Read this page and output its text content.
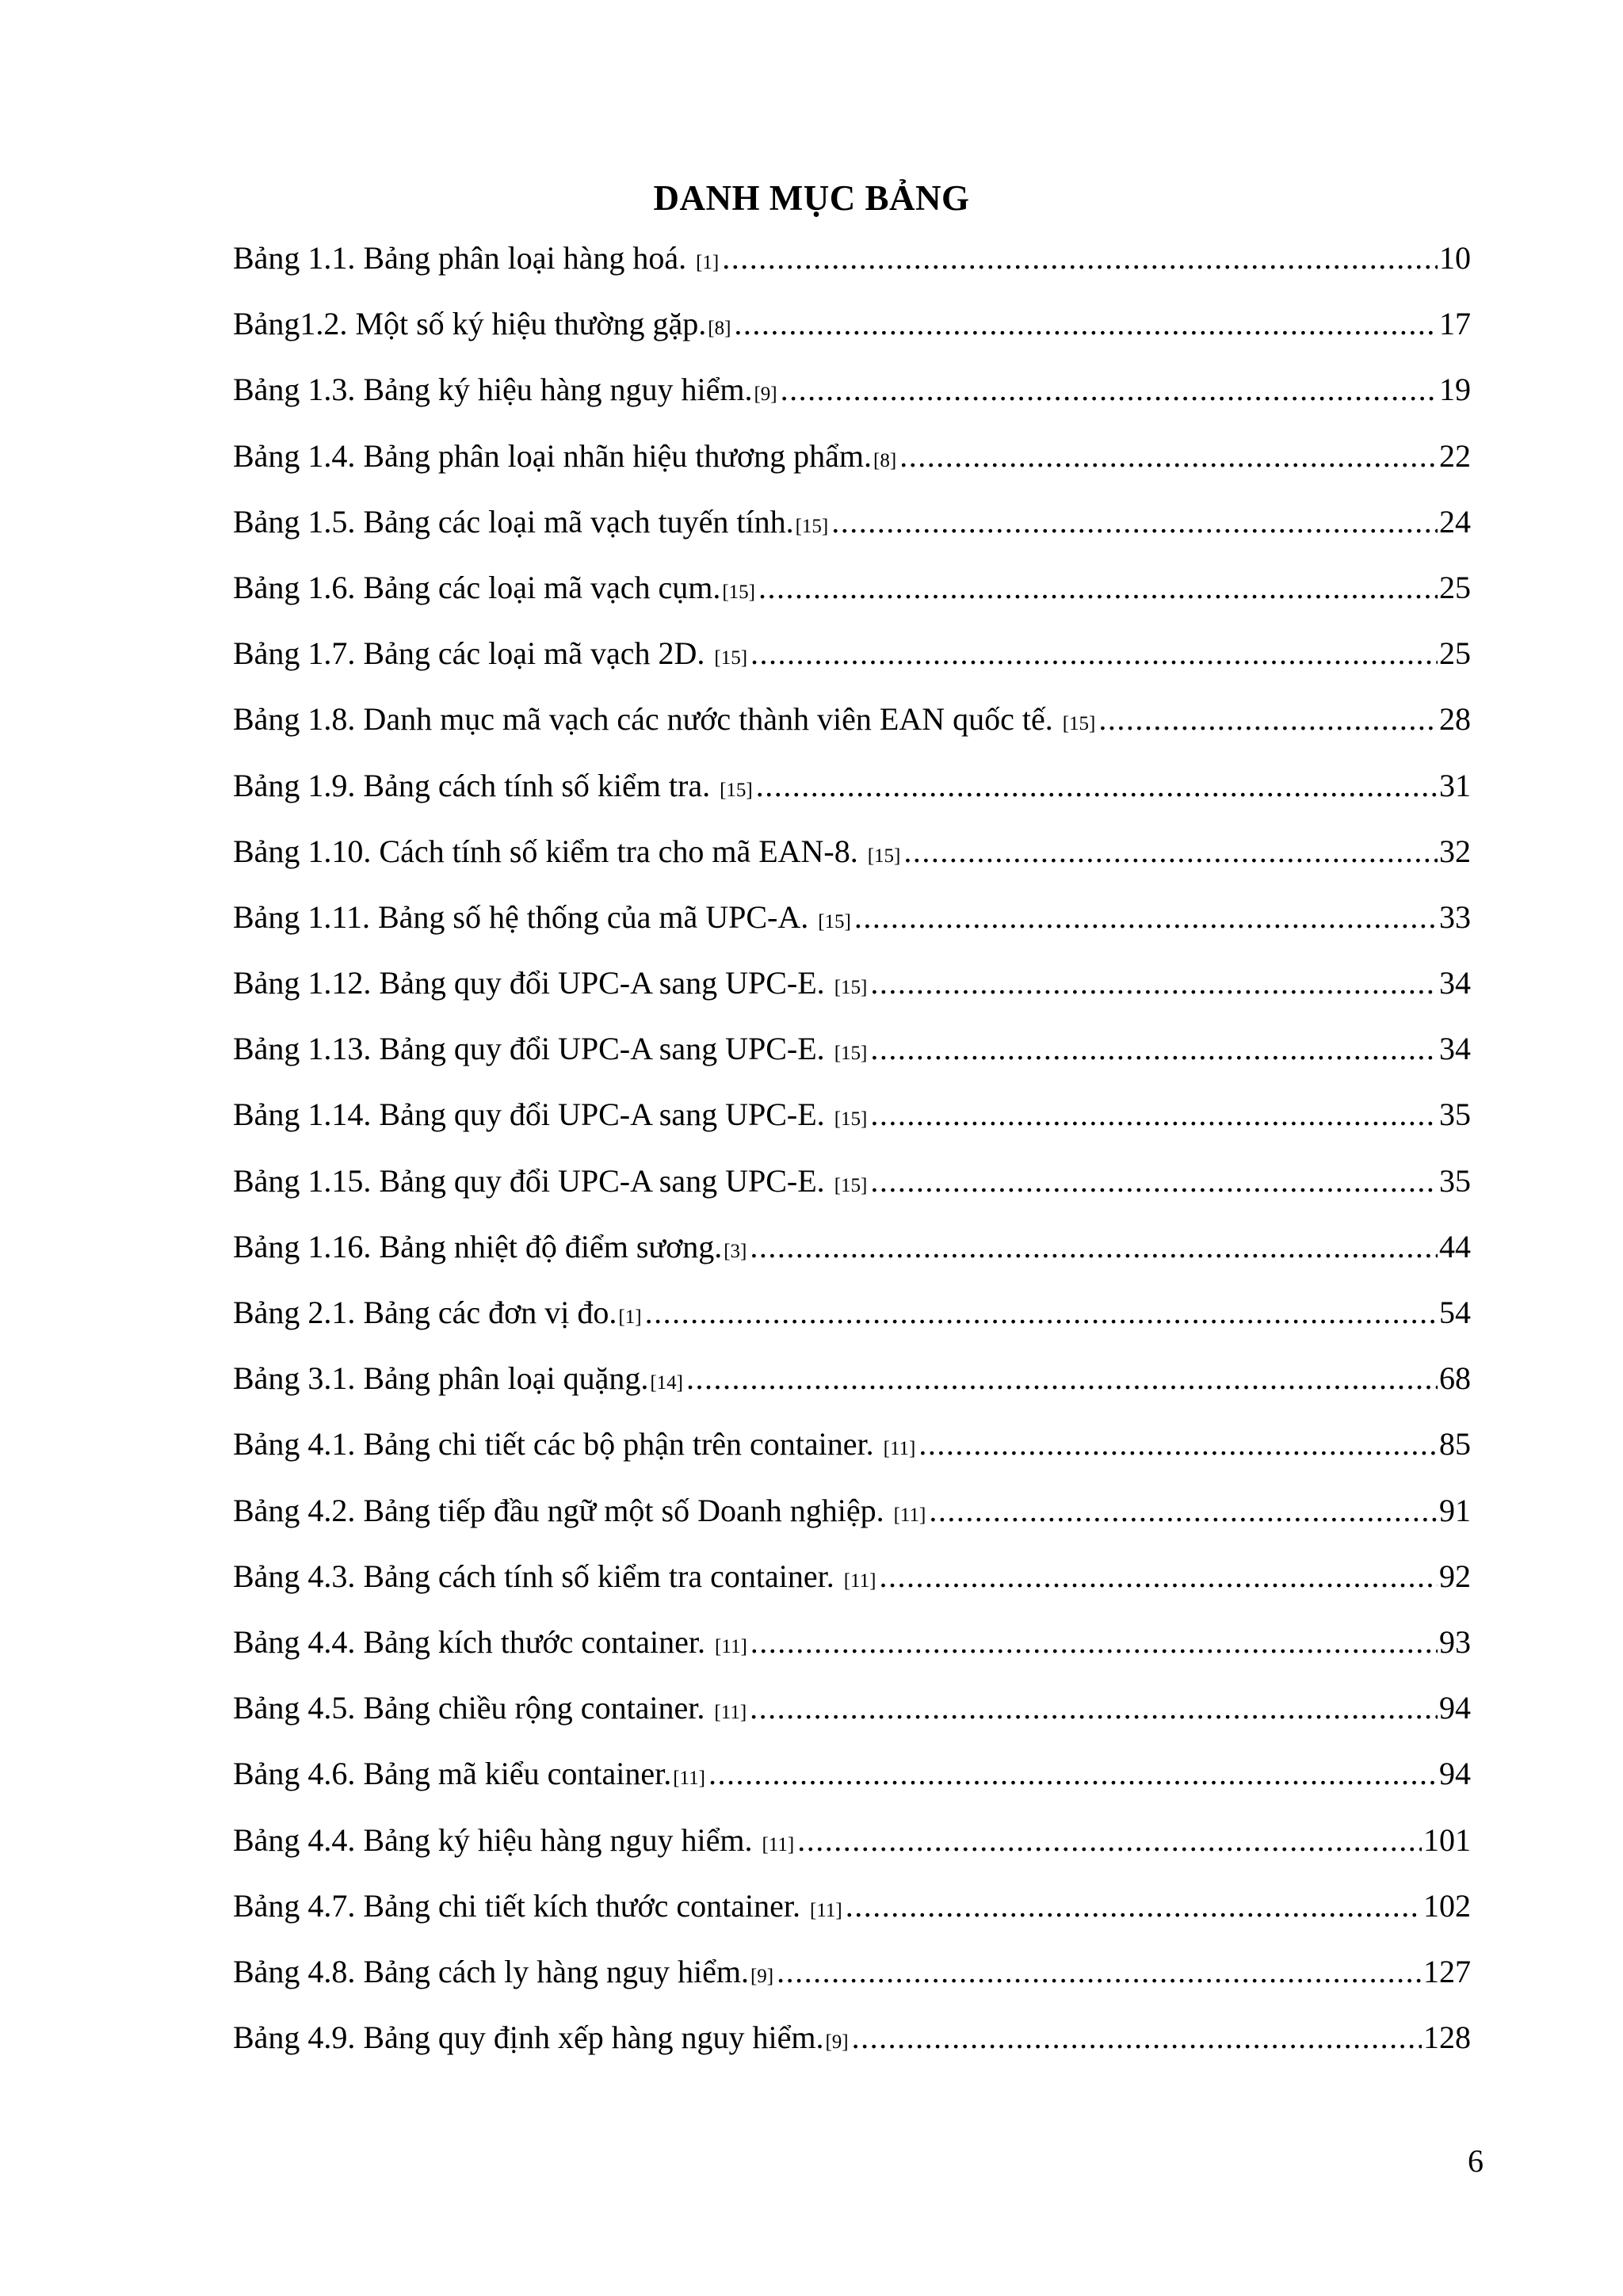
DANH MỤC BẢNG
Bảng 1.1. Bảng phân loại hàng hoá. [1] .....	10
Bảng1.2. Một số ký hiệu thường gặp. [8] .....	17
Bảng 1.3. Bảng ký hiệu hàng nguy hiểm. [9] .....	19
Bảng 1.4. Bảng phân loại nhãn hiệu thương phẩm. [8] .....	22
Bảng 1.5. Bảng các loại mã vạch tuyến tính. [15] .....	24
Bảng 1.6. Bảng các loại mã vạch cụm. [15] .....	25
Bảng 1.7. Bảng các loại mã vạch 2D. [15] .....	25
Bảng 1.8. Danh mục mã vạch các nước thành viên EAN quốc tế. [15] .....	28
Bảng 1.9. Bảng cách tính số kiểm tra. [15] .....	31
Bảng 1.10. Cách tính số kiểm tra cho mã EAN-8. [15] .....	32
Bảng 1.11. Bảng số hệ thống của mã UPC-A. [15] .....	33
Bảng 1.12. Bảng quy đổi UPC-A sang UPC-E. [15] .....	34
Bảng 1.13. Bảng quy đổi UPC-A sang UPC-E. [15] .....	34
Bảng 1.14. Bảng quy đổi UPC-A sang UPC-E. [15] .....	35
Bảng 1.15. Bảng quy đổi UPC-A sang UPC-E. [15] .....	35
Bảng 1.16. Bảng nhiệt độ điểm sương. [3] .....	44
Bảng 2.1. Bảng các đơn vị đo. [1] .....	54
Bảng 3.1. Bảng phân loại quặng. [14] .....	68
Bảng 4.1. Bảng chi tiết các bộ phận trên container. [11] .....	85
Bảng 4.2. Bảng tiếp đầu ngữ một số Doanh nghiệp. [11] .....	91
Bảng 4.3. Bảng cách tính số kiểm tra container. [11] .....	92
Bảng 4.4. Bảng kích thước container. [11] .....	93
Bảng 4.5. Bảng chiều rộng container. [11] .....	94
Bảng 4.6. Bảng mã kiểu container. [11] .....	94
Bảng 4.4. Bảng ký hiệu hàng nguy hiểm. [11] .....	101
Bảng 4.7. Bảng chi tiết kích thước container. [11] .....	102
Bảng 4.8. Bảng cách ly hàng nguy hiểm. [9] .....	127
Bảng 4.9. Bảng quy định xếp hàng nguy hiểm. [9] .....	128
6
